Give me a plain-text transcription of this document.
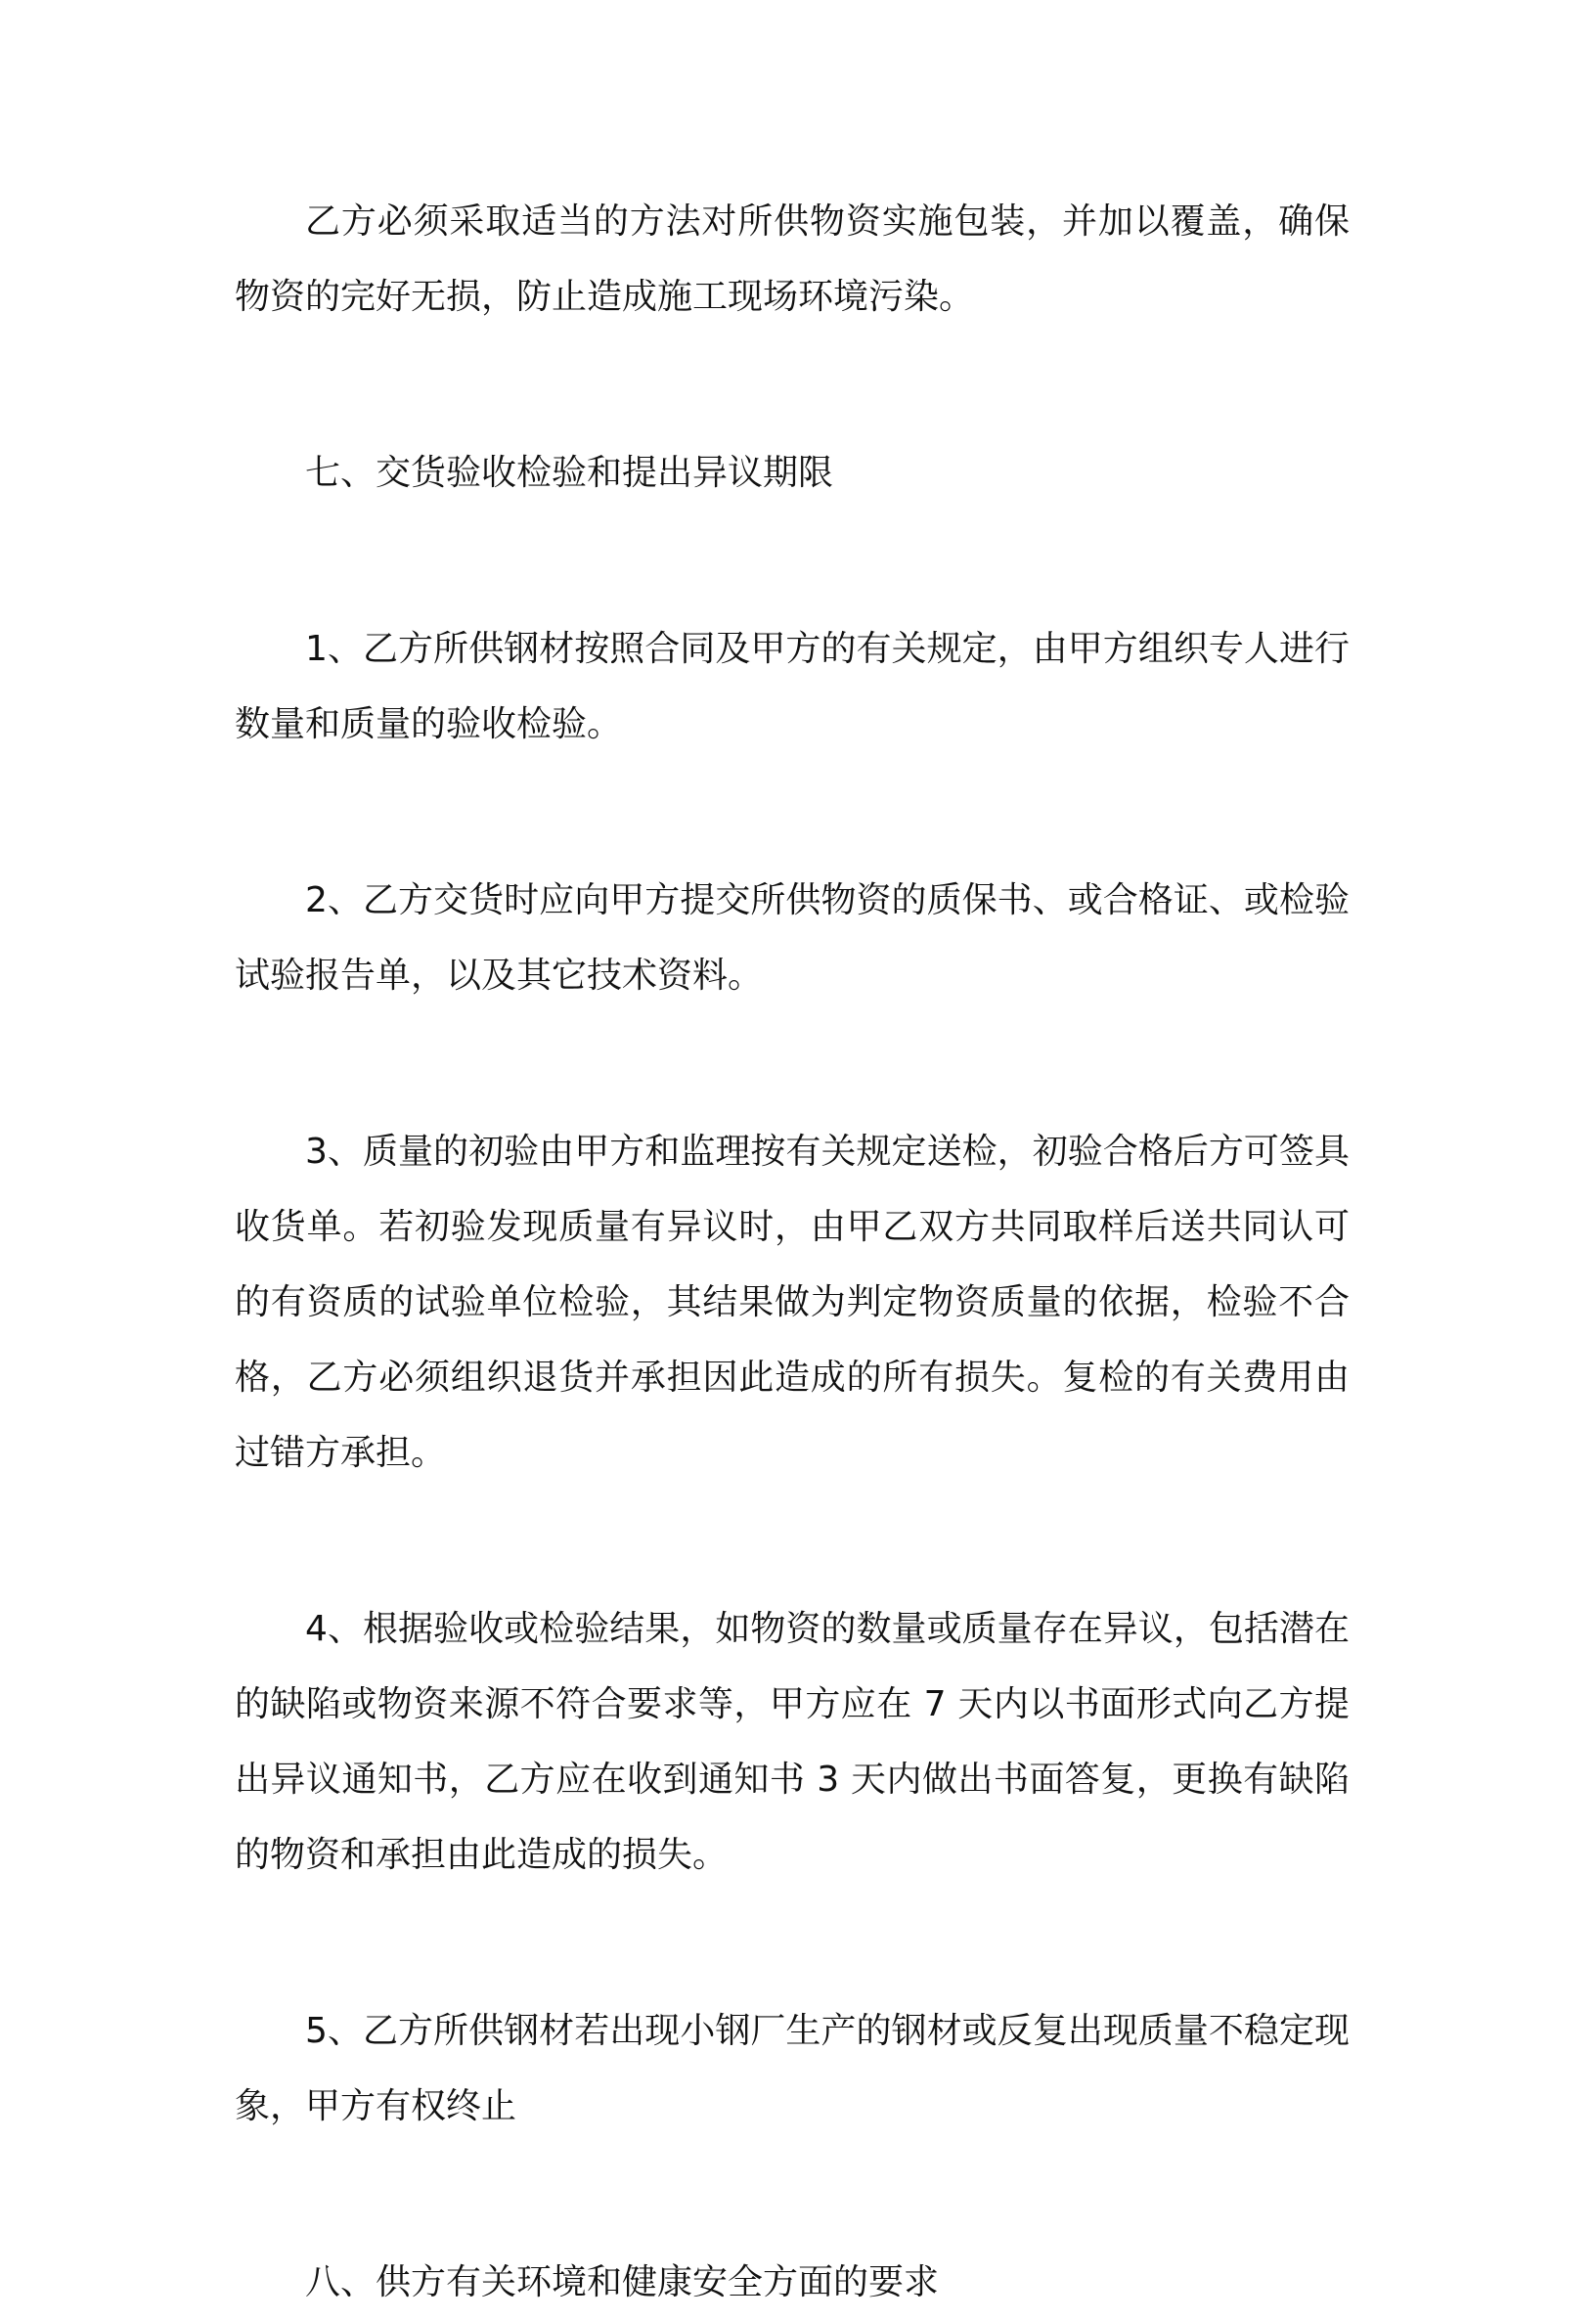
乙方必须采取适当的方法对所供物资实施包装，并加以覆盖，确保物资的完好无损，防止造成施工现场环境污染。

七、交货验收检验和提出异议期限

1、乙方所供钢材按照合同及甲方的有关规定，由甲方组织专人进行数量和质量的验收检验。

2、乙方交货时应向甲方提交所供物资的质保书、或合格证、或检验试验报告单，以及其它技术资料。

3、质量的初验由甲方和监理按有关规定送检，初验合格后方可签具收货单。若初验发现质量有异议时，由甲乙双方共同取样后送共同认可的有资质的试验单位检验，其结果做为判定物资质量的依据，检验不合格，乙方必须组织退货并承担因此造成的所有损失。复检的有关费用由过错方承担。

4、根据验收或检验结果，如物资的数量或质量存在异议，包括潜在的缺陷或物资来源不符合要求等，甲方应在 7 天内以书面形式向乙方提出异议通知书，乙方应在收到通知书 3 天内做出书面答复，更换有缺陷的物资和承担由此造成的损失。

5、乙方所供钢材若出现小钢厂生产的钢材或反复出现质量不稳定现象，甲方有权终止

八、供方有关环境和健康安全方面的要求
